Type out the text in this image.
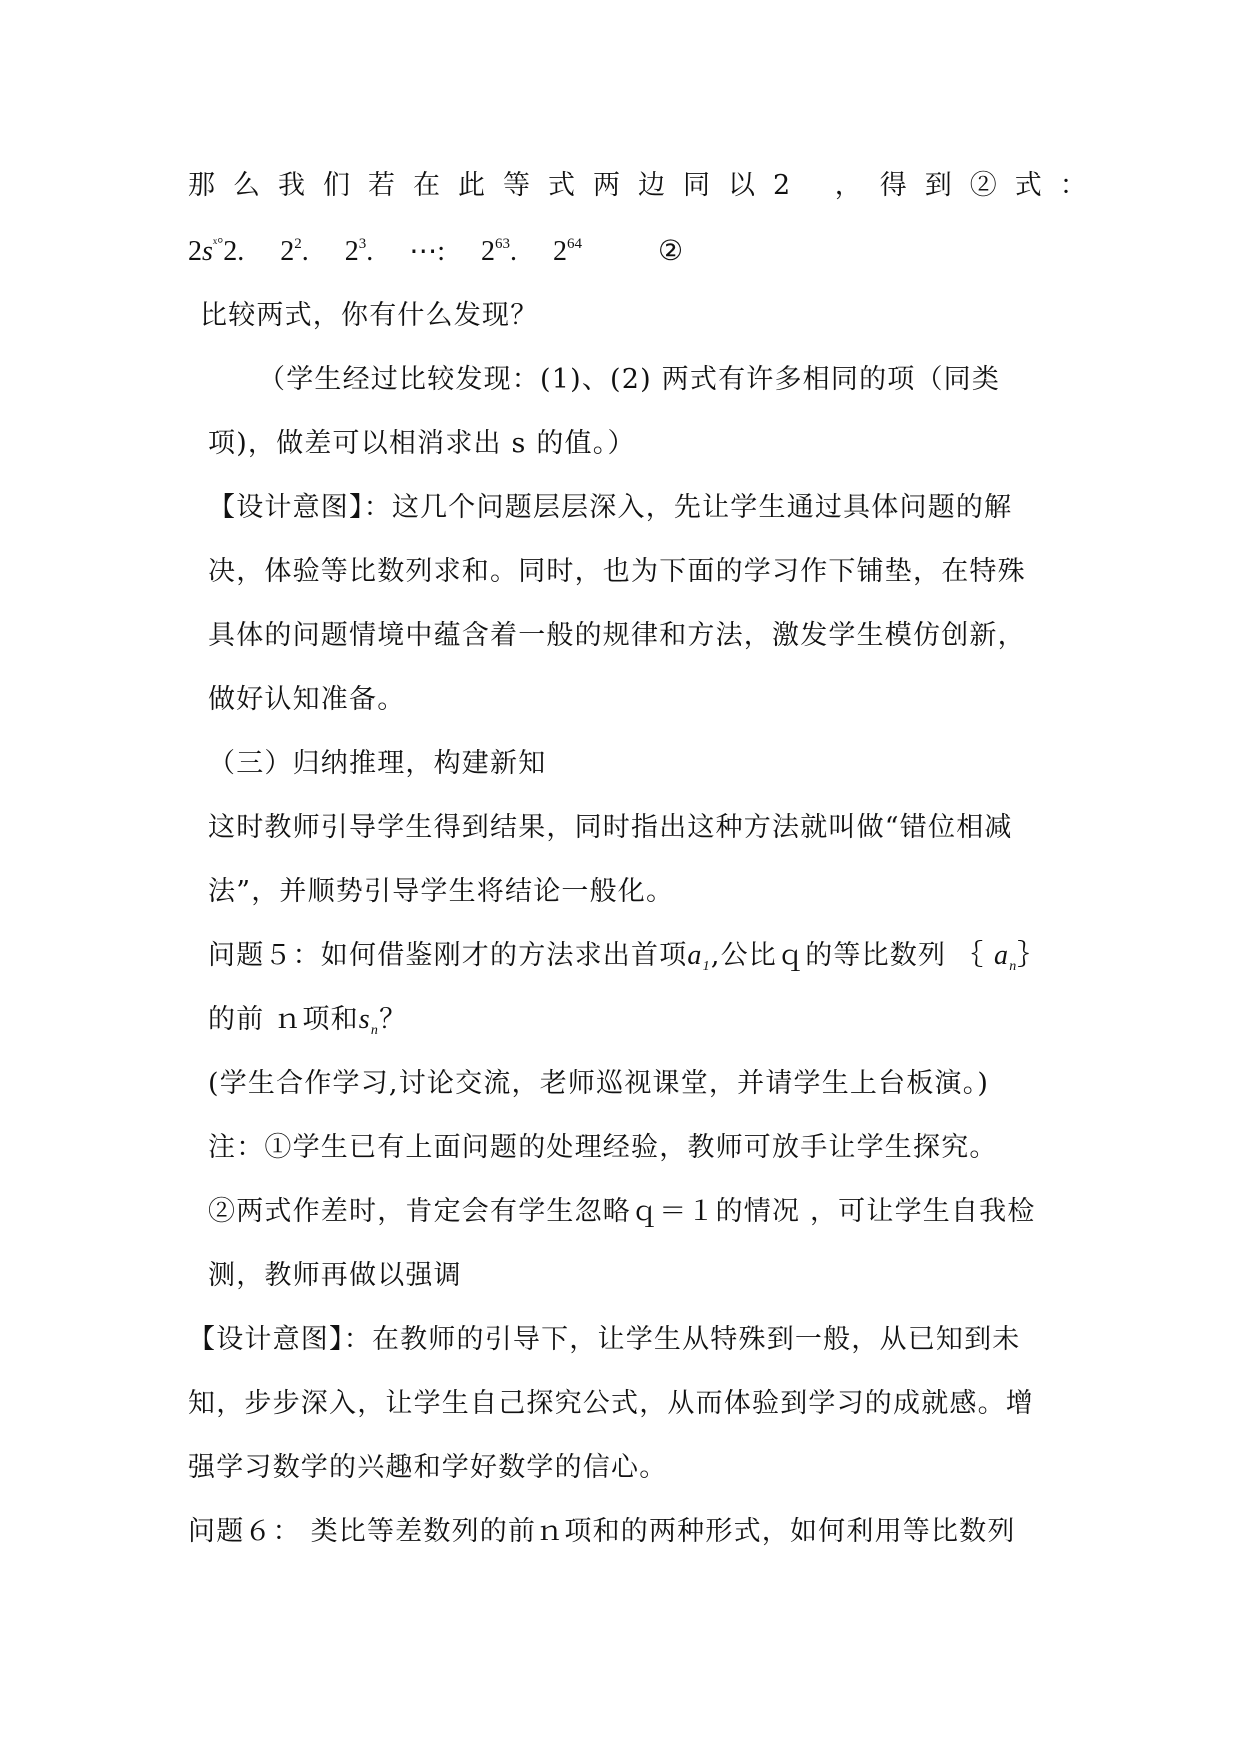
那么我们若在此等式两边同以2 ，得到②式：
$2s^{ˣ^\circ}2$.  $2^2$.  $2^3$.  ⋯:  $2^{63}$.  $2^{64}$	②
比较两式，你有什么发现？
（学生经过比较发现：(1)、(2) 两式有许多相同的项（同类
项)，做差可以相消求出 s 的值。）
【设计意图】：这几个问题层层深入，先让学生通过具体问题的解
决，体验等比数列求和。同时，也为下面的学习作下铺垫，在特殊
具体的问题情境中蕴含着一般的规律和方法，激发学生模仿创新，
做好认知准备。
（三）归纳推理，构建新知
这时教师引导学生得到结果，同时指出这种方法就叫做“错位相减
法”，并顺势引导学生将结论一般化。
问题５：如何借鉴刚才的方法求出首项$a_1$,公比ｑ的等比数列 ｛ $a_n\}$
的前 ｎ项和$s_n$？
(学生合作学习,讨论交流，老师巡视课堂，并请学生上台板演。)
注：①学生已有上面问题的处理经验，教师可放手让学生探究。
②两式作差时，肯定会有学生忽略ｑ＝１的情况 ，可让学生自我检
测，教师再做以强调
【设计意图】：在教师的引导下，让学生从特殊到一般，从已知到未
知，步步深入，让学生自己探究公式，从而体验到学习的成就感。增
强学习数学的兴趣和学好数学的信心。
问题６： 类比等差数列的前ｎ项和的两种形式，如何利用等比数列
